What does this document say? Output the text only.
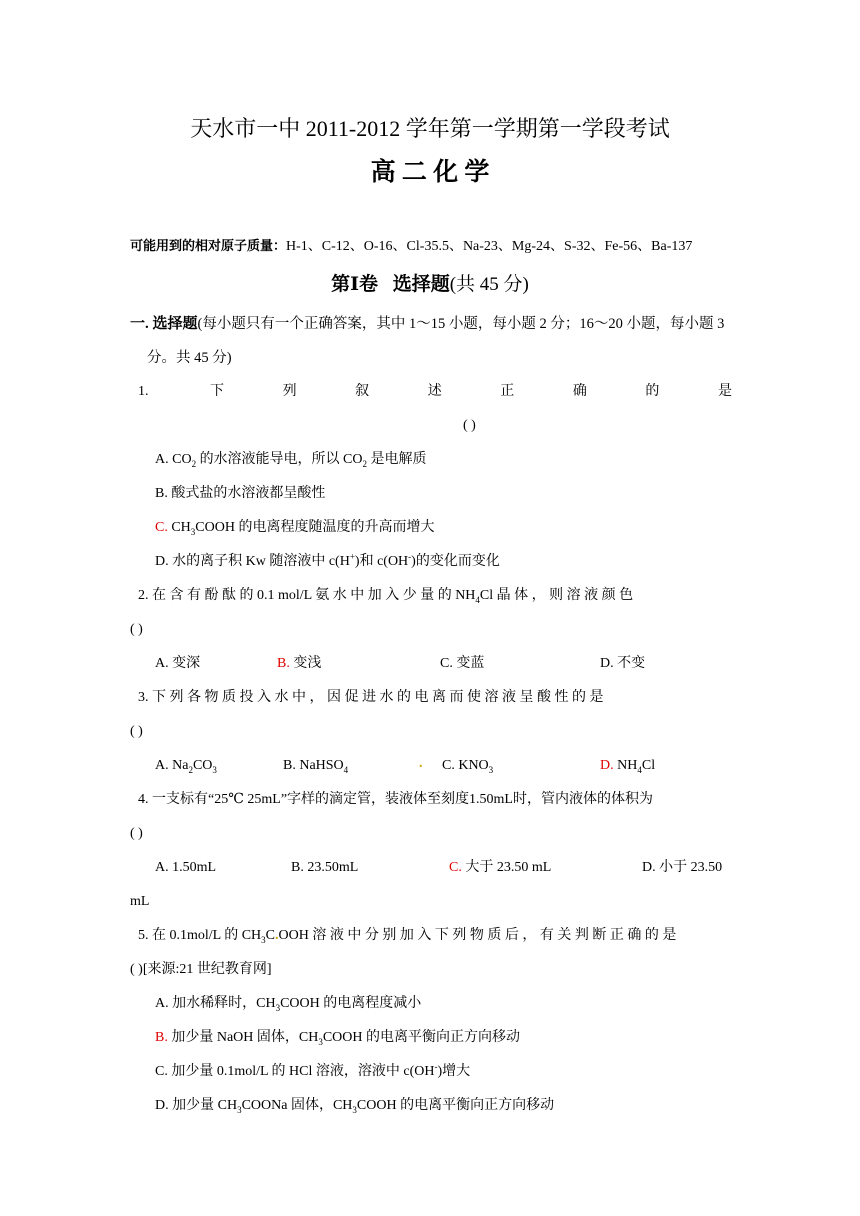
天水市一中 2011-2012 学年第一学期第一学段考试
高 二 化 学
可能用到的相对原子质量：H-1、C-12、O-16、Cl-35.5、Na-23、Mg-24、S-32、Fe-56、Ba-137
第Ⅰ卷 选择题(共 45 分)
一. 选择题(每小题只有一个正确答案，其中 1～15 小题，每小题 2 分；16～20 小题，每小题 3
分。共 45 分)
1.	下	列	叙	述	正	确	的	是
( )
A. $CO_2$ 的水溶液能导电，所以 $CO_2$ 是电解质
B. 酸式盐的水溶液都呈酸性
C. $CH_3COOH$ 的电离程度随温度的升高而增大
D. 水的离子积 Kw 随溶液中 c(H+)和 c(OH-)的变化而变化
2. 在 含 有 酚 酞 的 0.1 mol/L 氨 水 中 加 入 少 量 的 $NH_4Cl$ 晶 体 ， 则 溶 液 颜 色
( )
A. 变深	B. 变浅	C. 变蓝	D. 不变
3. 下 列 各 物 质 投 入 水 中 ， 因 促 进 水 的 电 离 而 使 溶 液 呈 酸 性 的 是
( )
A. $Na_2CO_3$	B. NaHSO$_4$	. C. $KNO_3$	D. $NH_4Cl$
4. 一支标有“25℃ 25mL”字样的滴定管，装液体至刻度1.50mL时，管内液体的体积为
( )
A. 1.50mL	B. 23.50mL	C. 大于 23.50 mL	D. 小于 23.50
mL
5. 在 0.1mol/L 的 $CH_3C.OOH$ 溶 液 中 分 别 加 入 下 列 物 质 后 ， 有 关 判 断 正 确 的 是
( )[来源:21 世纪教育网]
A. 加水稀释时，$CH_3COOH$ 的电离程度减小
B. 加少量 NaOH 固体，$CH_3COOH$ 的电离平衡向正方向移动
C. 加少量 0.1mol/L 的 HCl 溶液，溶液中 c(OH-)增大
D. 加少量 $CH_3COONa$ 固体，$CH_3COOH$ 的电离平衡向正方向移动
